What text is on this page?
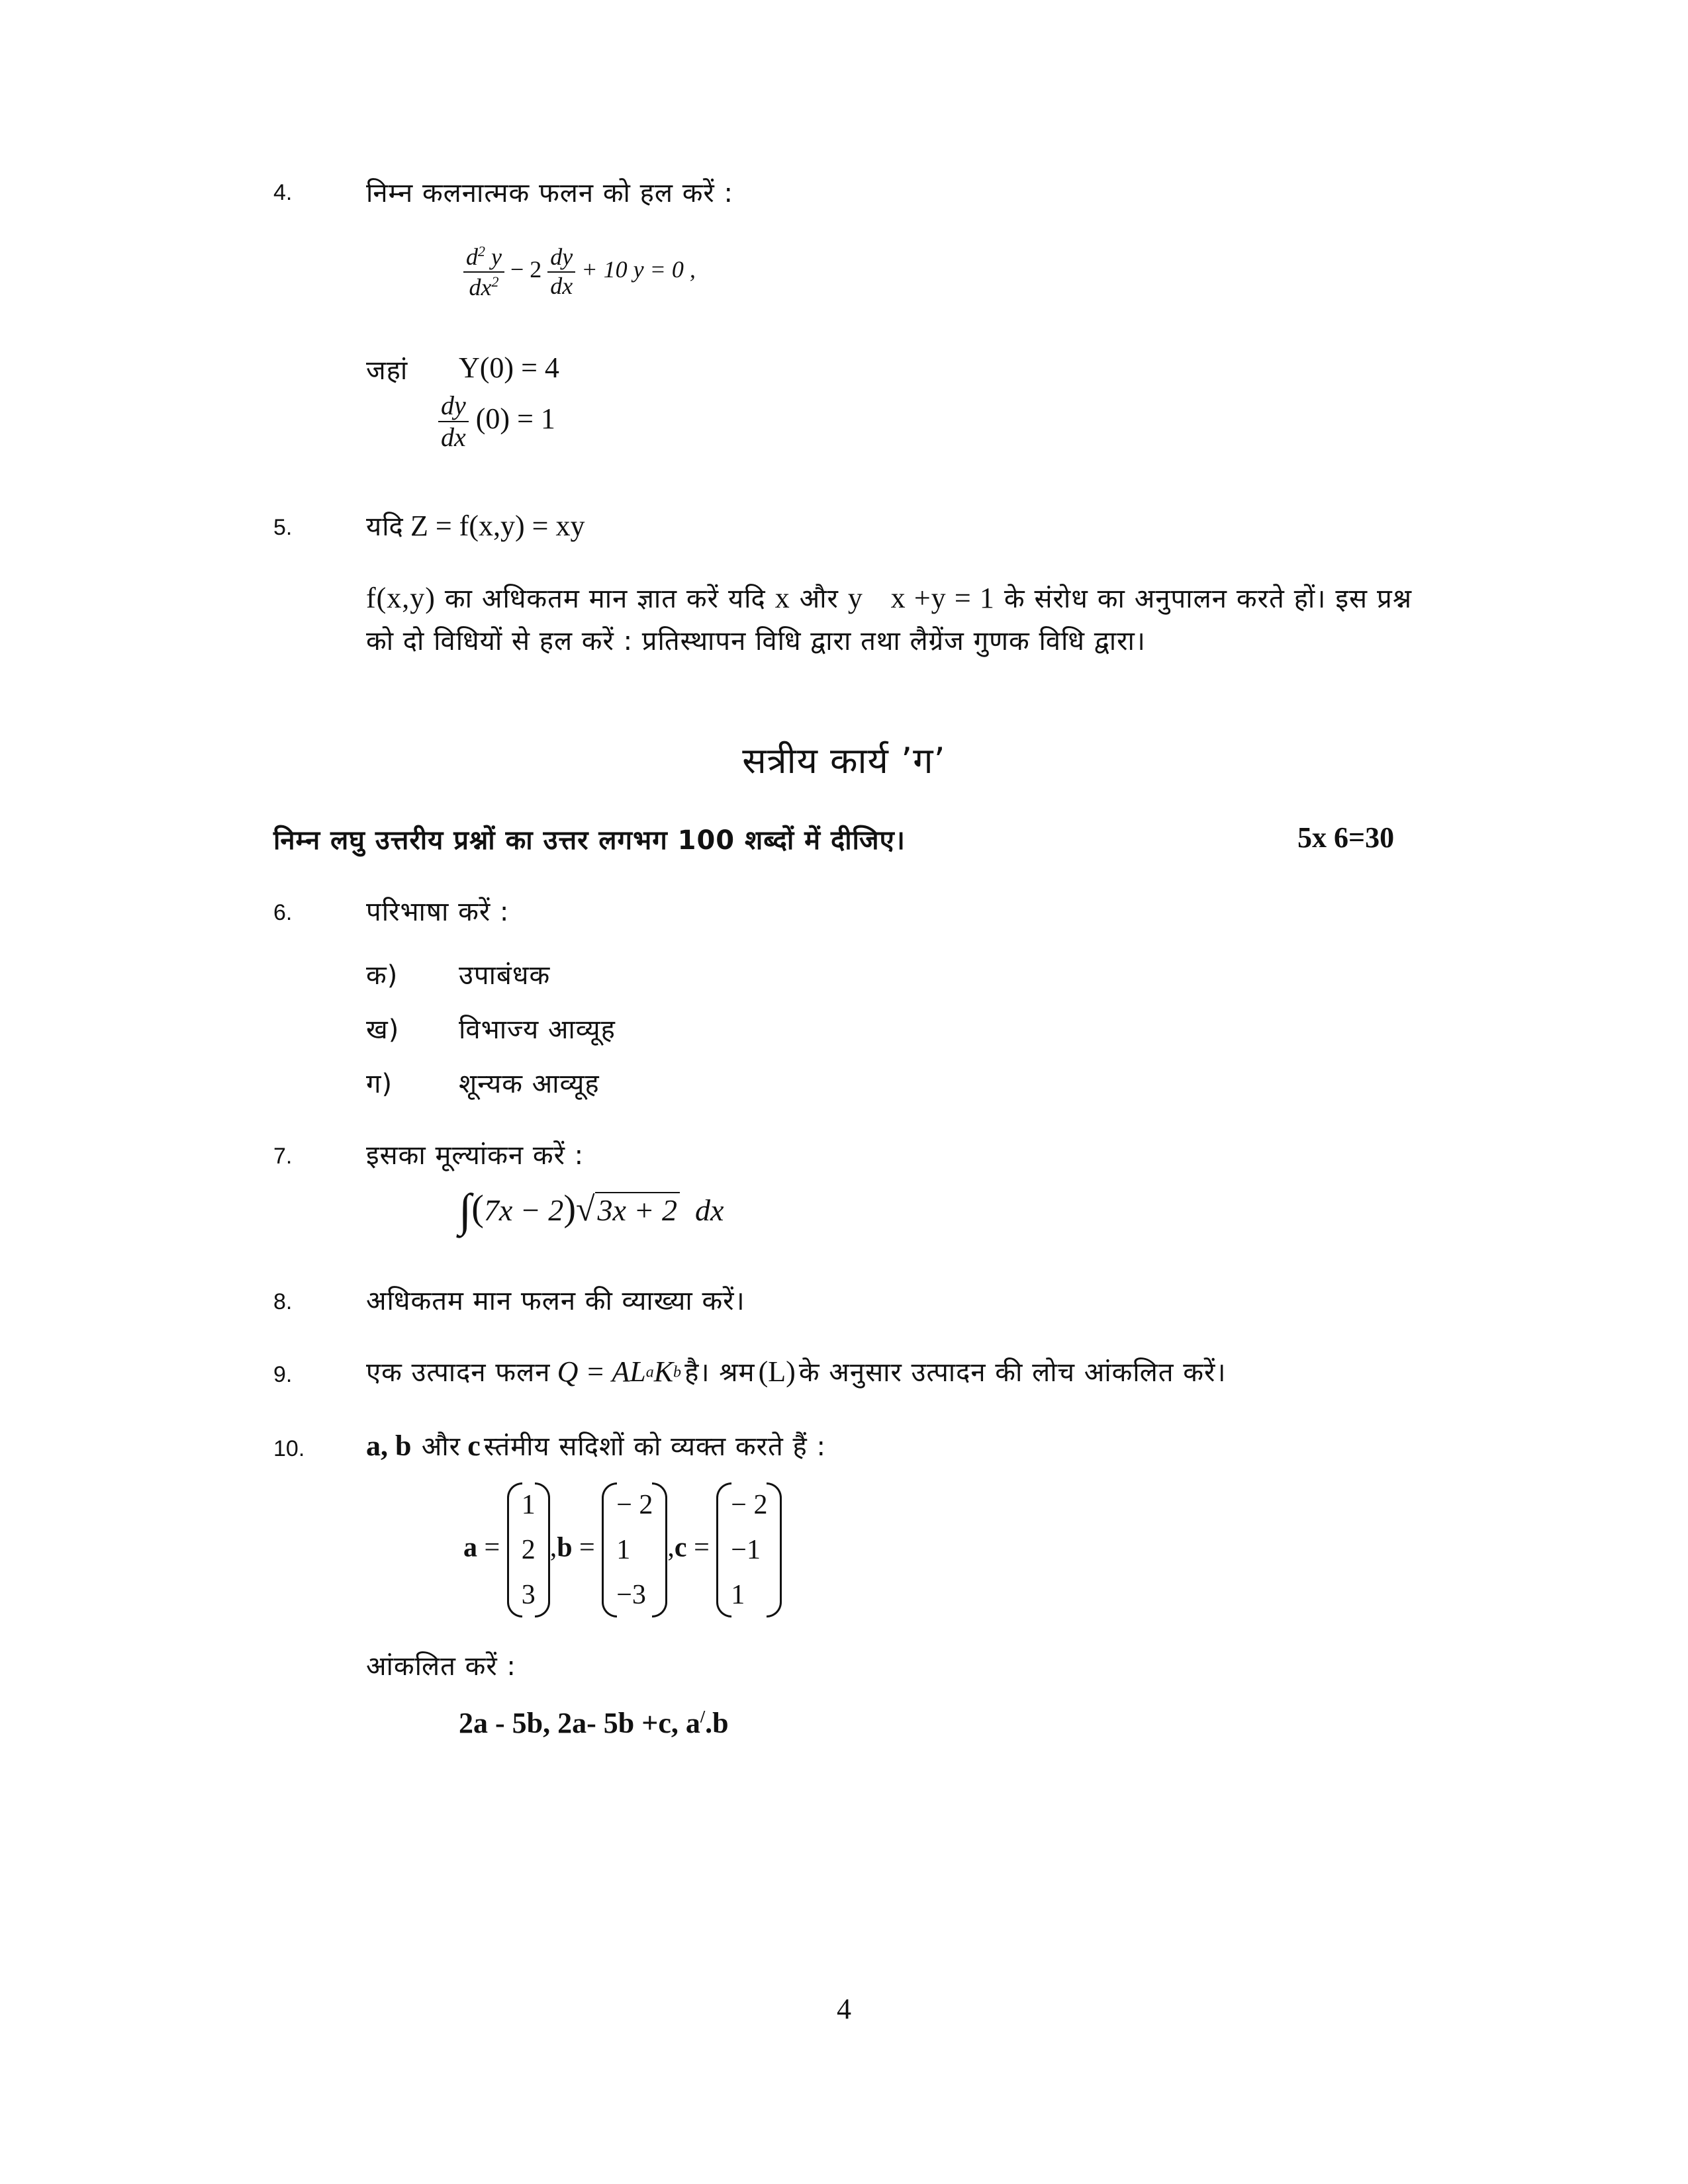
4.	निम्न कलनात्मक फलन को हल करें :
$\frac{d^2 y}{dx^2} - 2 \frac{dy}{dx} + 10$ y = 0 ,
जहां Y(0) = 4
$\frac{dy}{dx} (0) = 1$
5.	यदि Z = f(x,y) = xy
f(x,y) का अधिकतम मान ज्ञात करें यदि x और y x +y = 1 के संरोध का अनुपालन करते हों। इस प्रश्न को दो विधियों से हल करें : प्रतिस्थापन विधि द्वारा तथा लैग्रेंज गुणक विधि द्वारा।
सत्रीय कार्य ’ग’
निम्न लघु उत्तरीय प्रश्नों का उत्तर लगभग 100 शब्दों में दीजिए।	5x 6=30
6.	परिभाषा करें :
क) उपाबंधक
ख) विभाज्य आव्यूह
ग) शून्यक आव्यूह
7.	इसका मूल्यांकन करें :
∫(7x − 2)√3x + 2 dx
8.	अधिकतम मान फलन की व्याख्या करें।
9.	एक उत्पादन फलन $Q = AL^aK^b$ है। श्रम (L) के अनुसार उत्पादन की लोच आंकलित करें।
10. a, b और c स्तंमीय सदिशों को व्यक्त करते हैं :
a =
1
2
3
,b =
− 2
1
−3
,c =
− 2
−1
1
आंकलित करें :
2a - 5b, 2a- 5b +c, a/.b
4
